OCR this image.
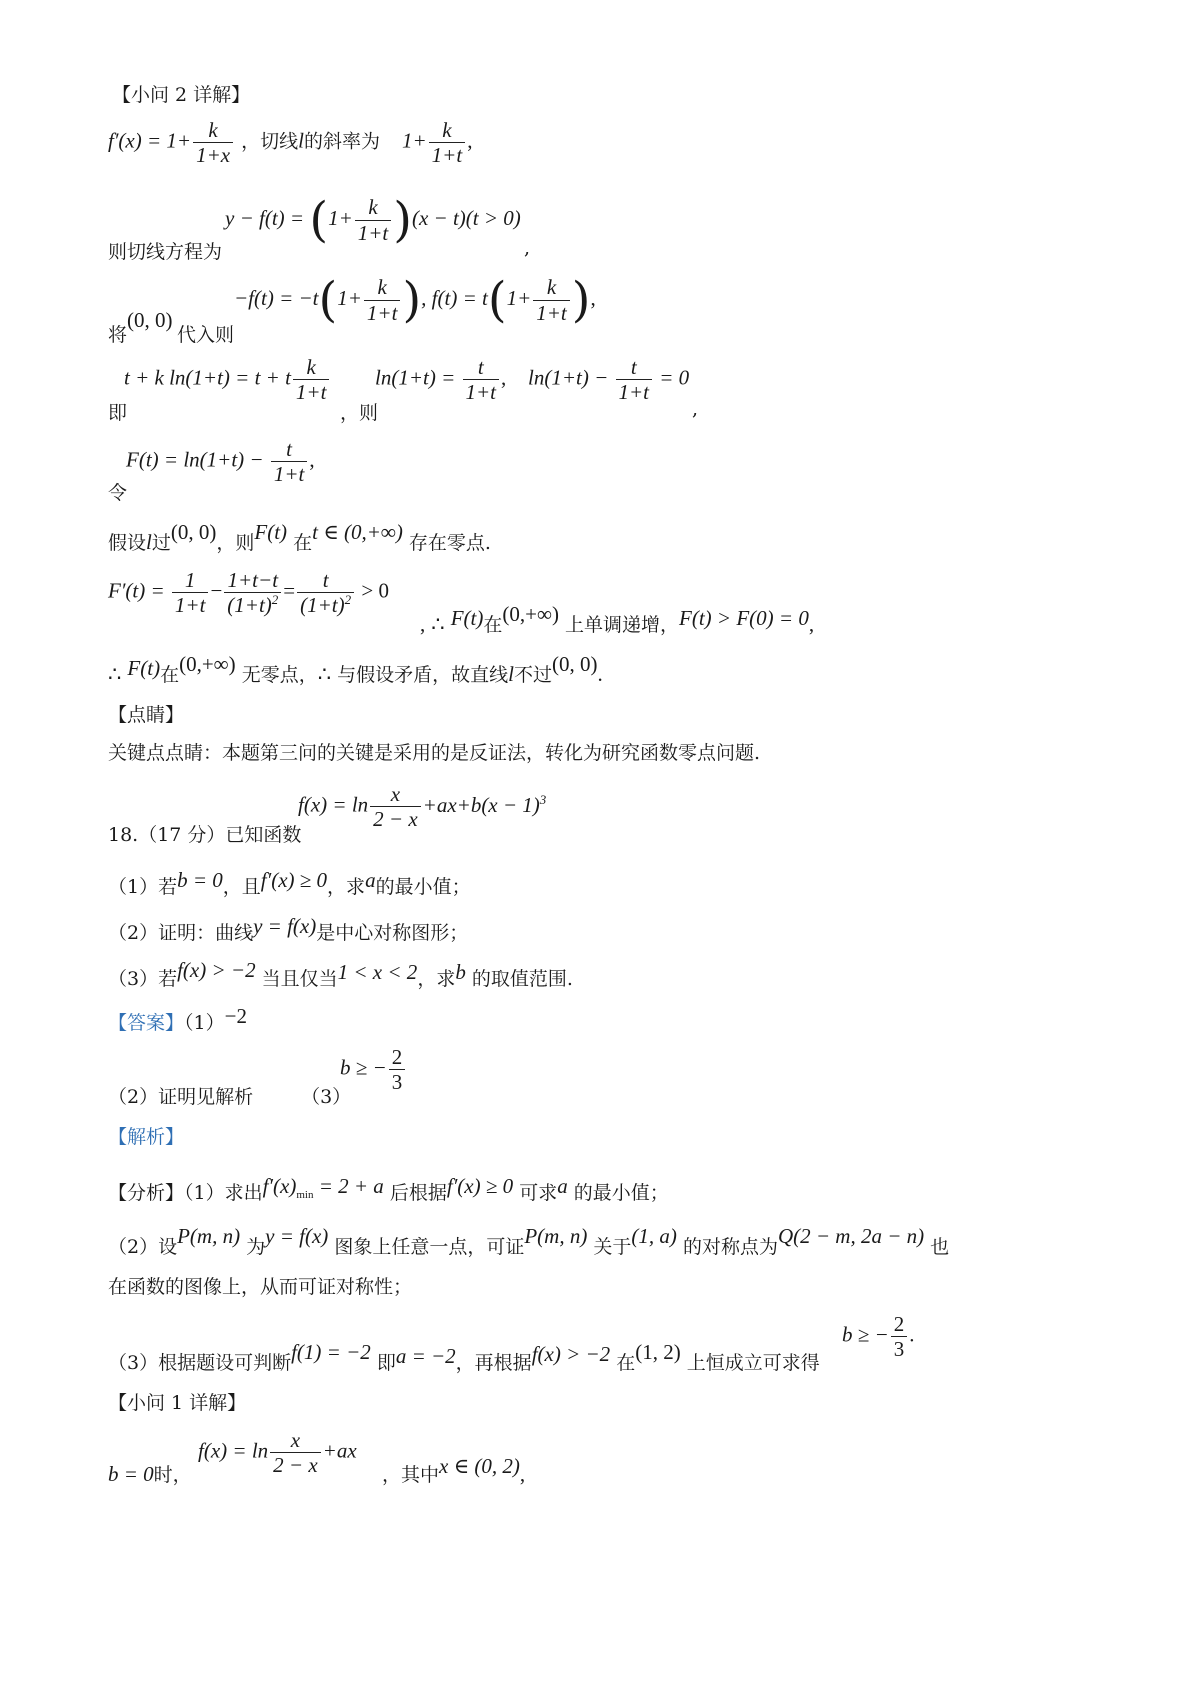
【小问 2 详解】
$f'(x) = 1+ \frac{k}{1+x}$ ，切线l的斜率为 $1+ \frac{k}{1+t}$ ,
$y - f(t) = (1+ \frac{k}{1+t} )(x - t)(t > 0)$
则切线方程为	,
将
(0, 0)
代入则
$-f(t) = -t(1+ \frac{k}{1+t}$ ), $f(t) = t(1+ \frac{k}{1+t}$ ),
即
t + k ln(1+t) = t + t $\frac{k}{1+t}$
，则
$\ln(1+t) = \frac{t}{1+t}$ , $\ln(1+t) - \frac{t}{1+t} = 0$
,
令
$F(t) = \ln(1+t) - \frac{t}{1+t}$ ,
假设l过(0, 0)，则F(t) 在t ∈ (0,+∞) 存在零点.
$F'(t) = \frac{1}{1+t} - \frac{1+t-t}{(1+t)^2} = \frac{t}{(1+t)^2} > 0$
, ∴ F(t)在(0,+∞) 上单调递增，F(t) > F(0) = 0,
∴ F(t)在(0,+∞) 无零点，∴ 与假设矛盾，故直线l不过(0, 0).
【点睛】
关键点点睛：本题第三问的关键是采用的是反证法，转化为研究函数零点问题.
18.（17 分）已知函数
$f(x) = \ln \frac{x}{2 - x} +ax+b(x - 1)^3$
（1）若b = 0，且f′(x) ≥ 0，求a的最小值；
（2）证明：曲线y = f(x)是中心对称图形；
（3）若f(x) > −2 当且仅当1 < x < 2，求b 的取值范围.
【答案】（1）−2
（2）证明见解析	（3）
b ≥ − $\frac{2}{3}$
【解析】
【分析】（1）求出$f'(x)_{min} = 2 + a$ 后根据f′(x) ≥ 0 可求a 的最小值；
（2）设P(m, n) 为y = f(x) 图象上任意一点，可证P(m, n) 关于(1, a) 的对称点为Q(2 − m, 2a − n) 也
在函数的图像上，从而可证对称性；
（3）根据题设可判断f(1) = −2 即a = −2，再根据f(x) > −2 在(1, 2) 上恒成立可求得
b ≥ − $\frac{2}{3}$ .
【小问 1 详解】
b = 0时，
$f(x) = \ln \frac{x}{2 - x} +ax$
，其中x ∈ (0, 2),
